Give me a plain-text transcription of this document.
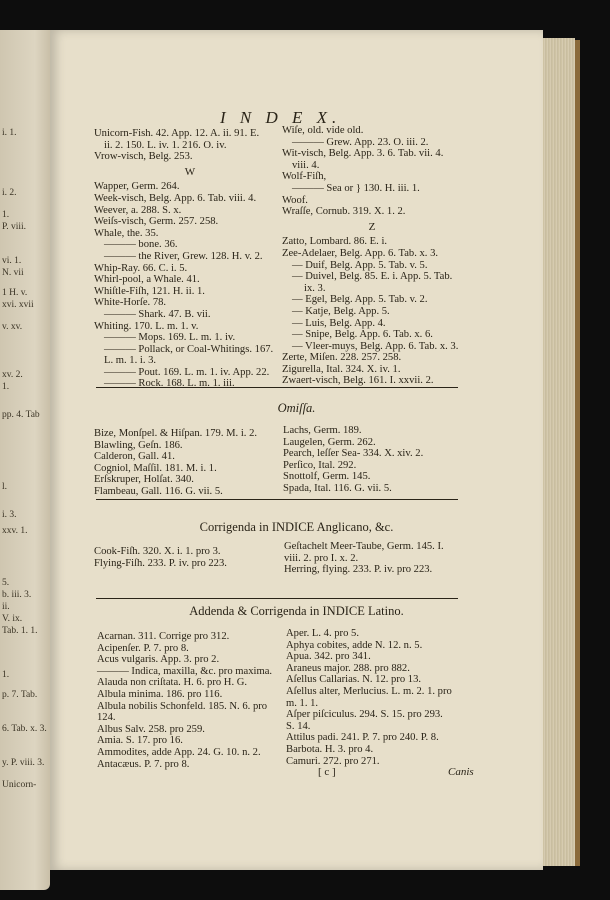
i. 1.
i. 2.
1.
P. viii.
vi. 1.
N. vii
1 H. v.
xvi. xvii
v. xv.
xv. 2.
1.
pp. 4. Tab
l.
i. 3.
xxv. 1.
5.
b. iii. 3.
ii.
V. ix.
Tab. 1. 1.
1.
p. 7. Tab.
6. Tab. x. 3.
y. P. viii. 3.
Unicorn-
I N D E X.
Unicorn-Fish. 42. App. 12. A. ii. 91. E.
ii. 2. 150. L. iv. 1. 216. O. iv.
Vrow-visch, Belg. 253.
W
Wapper, Germ. 264.
Week-visch, Belg. App. 6. Tab. viii. 4.
Weever, a. 288. S. x.
Weiſs-visch, Germ. 257. 258.
Whale, the. 35.
——— bone. 36.
——— the River, Grew. 128. H. v. 2.
Whip-Ray. 66. C. i. 5.
Whirl-pool, a Whale. 41.
Whiſtle-Fiſh, 121. H. ii. 1.
White-Horſe. 78.
——— Shark. 47. B. vii.
Whiting. 170. L. m. 1. v.
——— Mops. 169. L. m. 1. iv.
——— Pollack, or Coal-Whitings. 167.
L. m. 1. i. 3.
——— Pout. 169. L. m. 1. iv. App. 22.
——— Rock. 168. L. m. 1. iii.
Wiſe, old. vide old.
——— Grew. App. 23. O. iii. 2.
Wit-visch, Belg. App. 3. 6. Tab. vii. 4.
viii. 4.
Wolf-Fiſh,
——— Sea or } 130. H. iii. 1.
Woof.
Wraſſe, Cornub. 319. X. 1. 2.
Z
Zatto, Lombard. 86. E. i.
Zee-Adelaer, Belg. App. 6. Tab. x. 3.
— Duif, Belg. App. 5. Tab. v. 5.
— Duivel, Belg. 85. E. i. App. 5. Tab.
ix. 3.
— Egel, Belg. App. 5. Tab. v. 2.
— Katje, Belg. App. 5.
— Luis, Belg. App. 4.
— Snipe, Belg. App. 6. Tab. x. 6.
— Vleer-muys, Belg. App. 6. Tab. x. 3.
Zerte, Miſen. 228. 257. 258.
Zigurella, Ital. 324. X. iv. 1.
Zwaert-visch, Belg. 161. I. xxvii. 2.
Omiſſa.
Bize, Monſpel. & Hiſpan. 179. M. i. 2.
Blawling, Geſn. 186.
Calderon, Gall. 41.
Cogniol, Maſſil. 181. M. i. 1.
Erſskruper, Holſat. 340.
Flambeau, Gall. 116. G. vii. 5.
Lachs, Germ. 189.
Laugelen, Germ. 262.
Pearch, leſſer Sea- 334. X. xiv. 2.
Perſico, Ital. 292.
Snottolf, Germ. 145.
Spada, Ital. 116. G. vii. 5.
Corrigenda in INDICE Anglicano, &c.
Cook-Fiſh. 320. X. i. 1. pro 3.
Flying-Fiſh. 233. P. iv. pro 223.
Geſtachelt Meer-Taube, Germ. 145. I.
viii. 2. pro I. x. 2.
Herring, flying. 233. P. iv. pro 223.
Addenda & Corrigenda in INDICE Latino.
Acarnan. 311. Corrige pro 312.
Acipenſer. P. 7. pro 8.
Acus vulgaris. App. 3. pro 2.
——— Indica, maxilla, &c. pro maxima.
Alauda non criſtata. H. 6. pro H. G.
Albula minima. 186. pro 116.
Albula nobilis Schonfeld. 185. N. 6. pro
124.
Albus Salv. 258. pro 259.
Amia. S. 17. pro 16.
Ammodites, adde App. 24. G. 10. n. 2.
Antacæus. P. 7. pro 8.
Aper. L. 4. pro 5.
Aphya cobites, adde N. 12. n. 5.
Apua. 342. pro 341.
Araneus major. 288. pro 882.
Aſellus Callarias. N. 12. pro 13.
Aſellus alter, Merlucius. L. m. 2. 1. pro
m. 1. 1.
Aſper piſciculus. 294. S. 15. pro 293.
S. 14.
Attilus padi. 241. P. 7. pro 240. P. 8.
Barbota. H. 3. pro 4.
Camuri. 272. pro 271.
[ c ]	Canis
